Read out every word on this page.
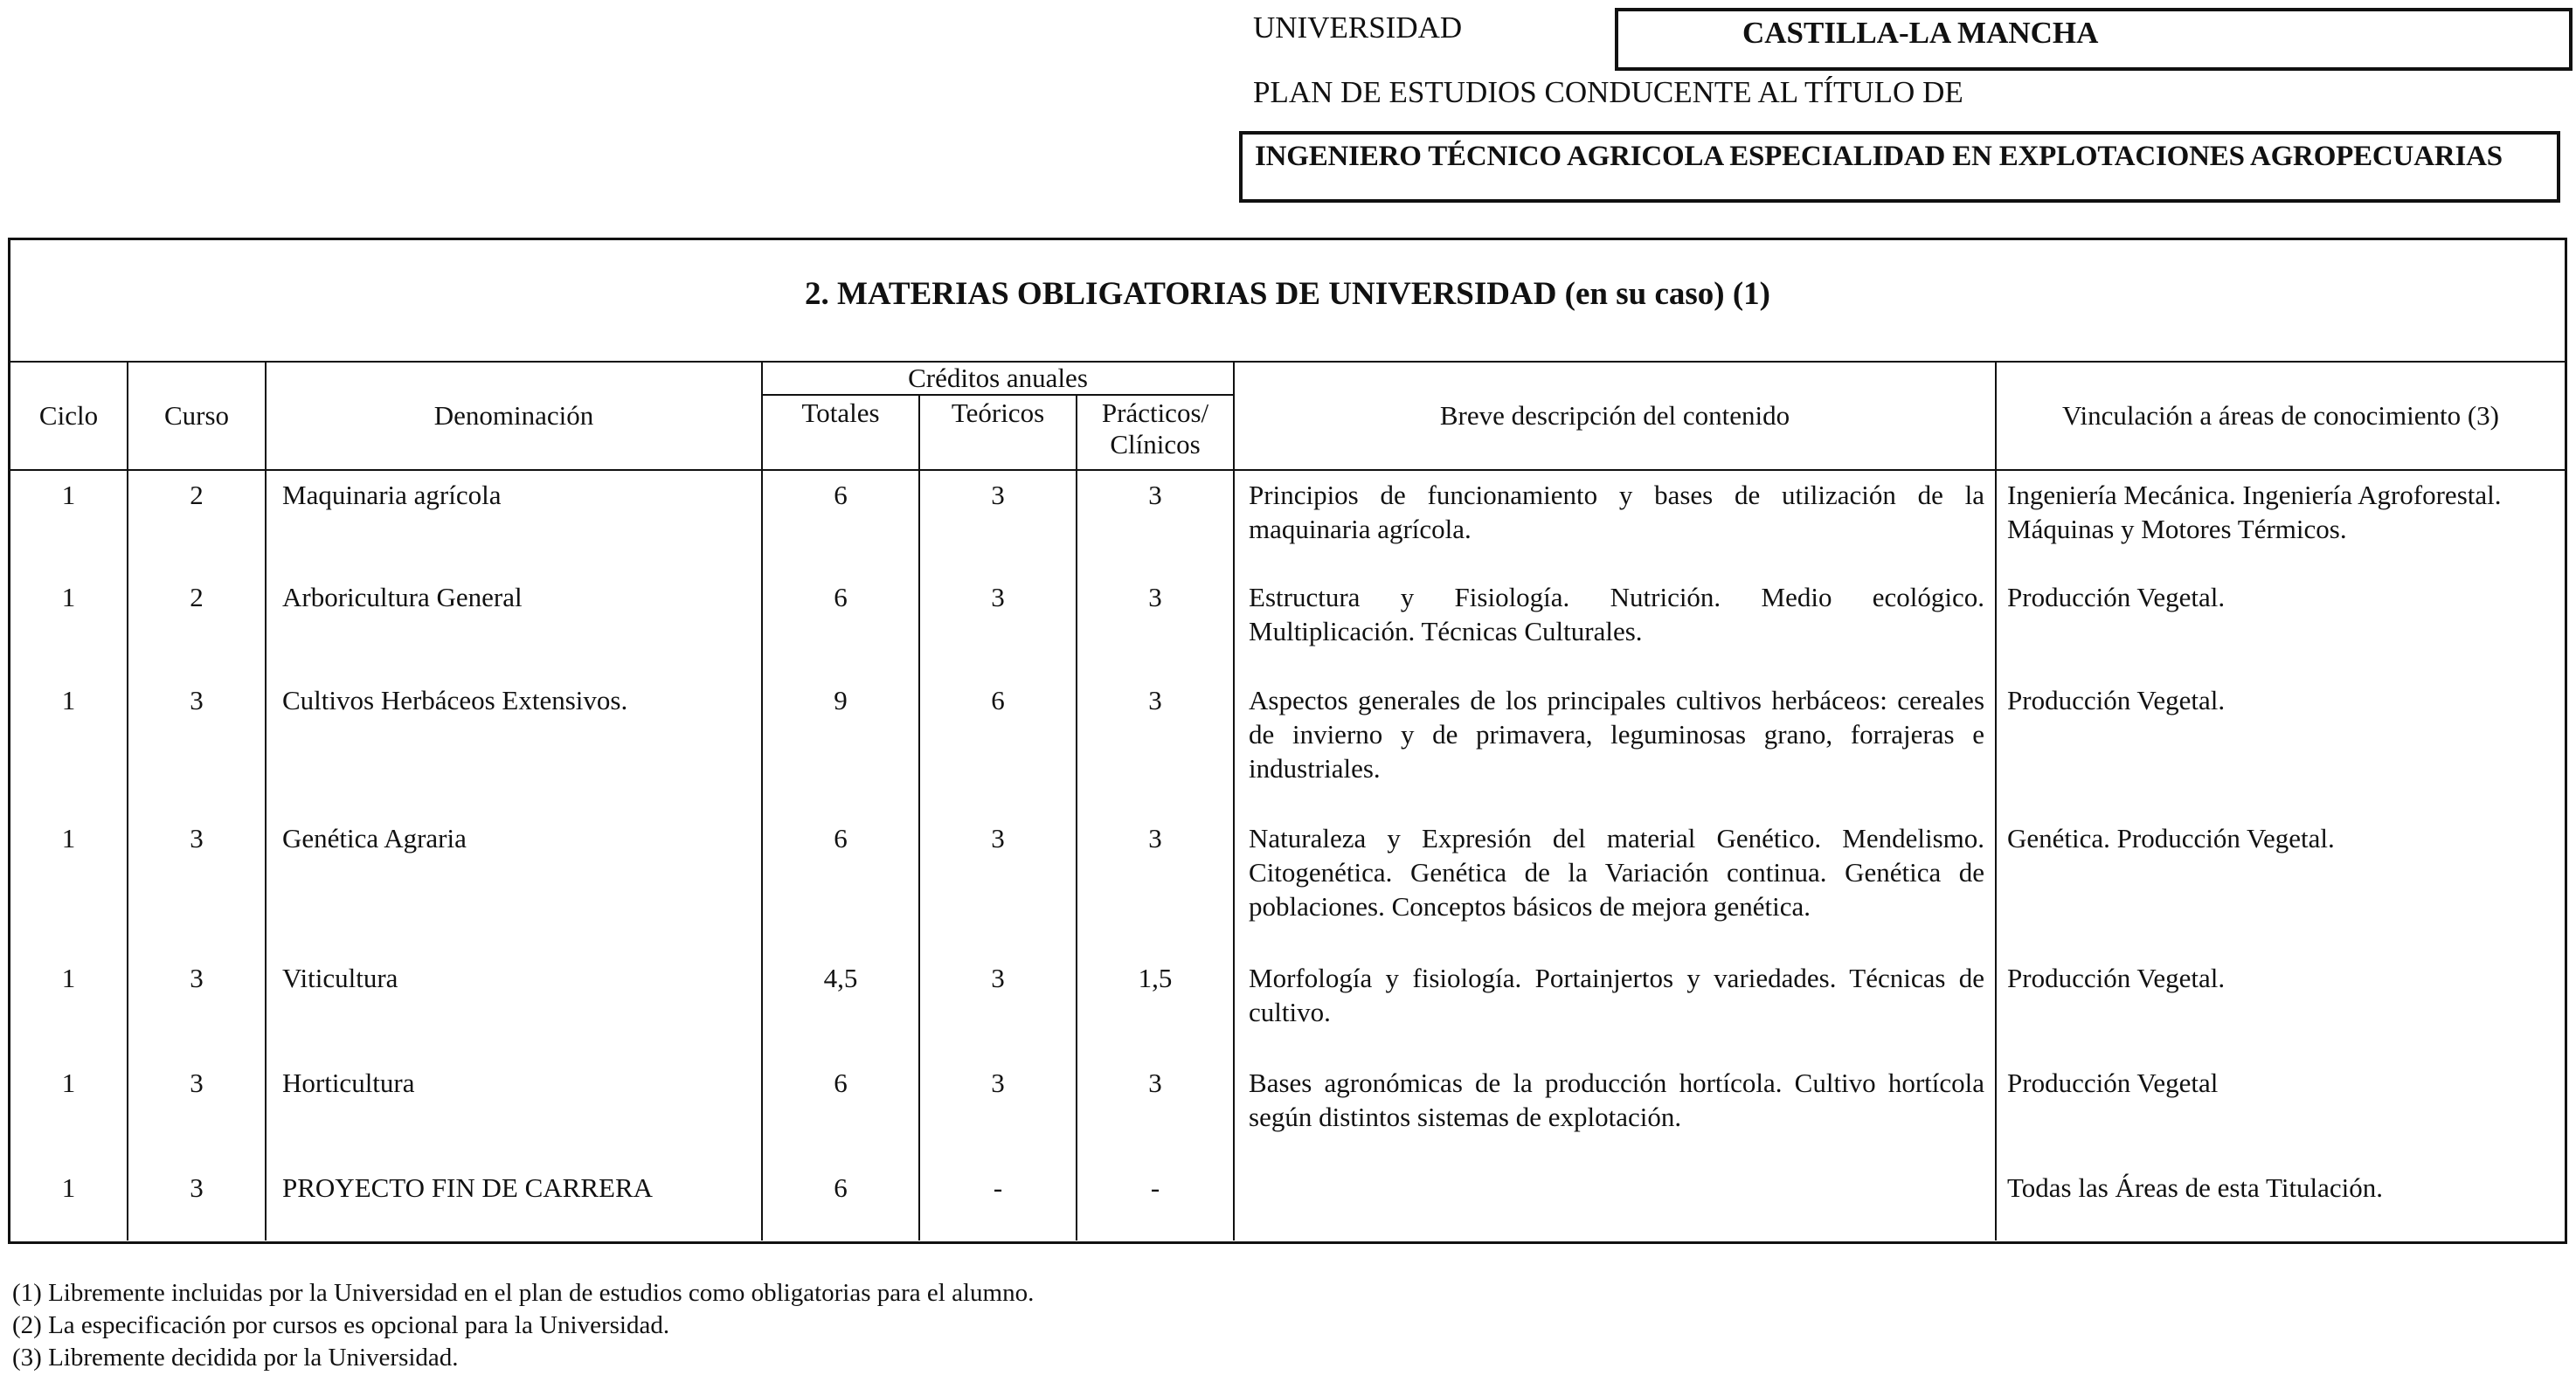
UNIVERSIDAD	CASTILLA-LA MANCHA
PLAN DE ESTUDIOS CONDUCENTE AL TÍTULO DE
INGENIERO TÉCNICO AGRICOLA ESPECIALIDAD EN EXPLOTACIONES AGROPECUARIAS
2. MATERIAS OBLIGATORIAS DE UNIVERSIDAD (en su caso) (1)
Ciclo	Curso	Denominación	Créditos anuales			Breve descripción del contenido	Vinculación a áreas de conocimiento (3)
			Totales	Teóricos	Prácticos/ Clínicos		
1	2	Maquinaria agrícola	6	3	3	Principios de funcionamiento y bases de utilización de la maquinaria agrícola.	Ingeniería Mecánica. Ingeniería Agroforestal. Máquinas y Motores Térmicos.
1	2	Arboricultura General	6	3	3	Estructura y Fisiología. Nutrición. Medio ecológico. Multiplicación. Técnicas Culturales.	Producción Vegetal.
1	3	Cultivos Herbáceos Extensivos.	9	6	3	Aspectos generales de los principales cultivos herbáceos: cereales de invierno y de primavera, leguminosas grano, forrajeras e industriales.	Producción Vegetal.
1	3	Genética Agraria	6	3	3	Naturaleza y Expresión del material Genético. Mendelismo. Citogenética. Genética de la Variación continua. Genética de poblaciones. Conceptos básicos de mejora genética.	Genética. Producción Vegetal.
1	3	Viticultura	4,5	3	1,5	Morfología y fisiología. Portainjertos y variedades. Técnicas de cultivo.	Producción Vegetal.
1	3	Horticultura	6	3	3	Bases agronómicas de la producción hortícola. Cultivo hortícola según distintos sistemas de explotación.	Producción Vegetal
1	3	PROYECTO FIN DE CARRERA	6	-	-		Todas las Áreas de esta Titulación.
(1) Libremente incluidas por la Universidad en el plan de estudios como obligatorias para el alumno.
(2) La especificación por cursos es opcional para la Universidad.
(3) Libremente decidida por la Universidad.
